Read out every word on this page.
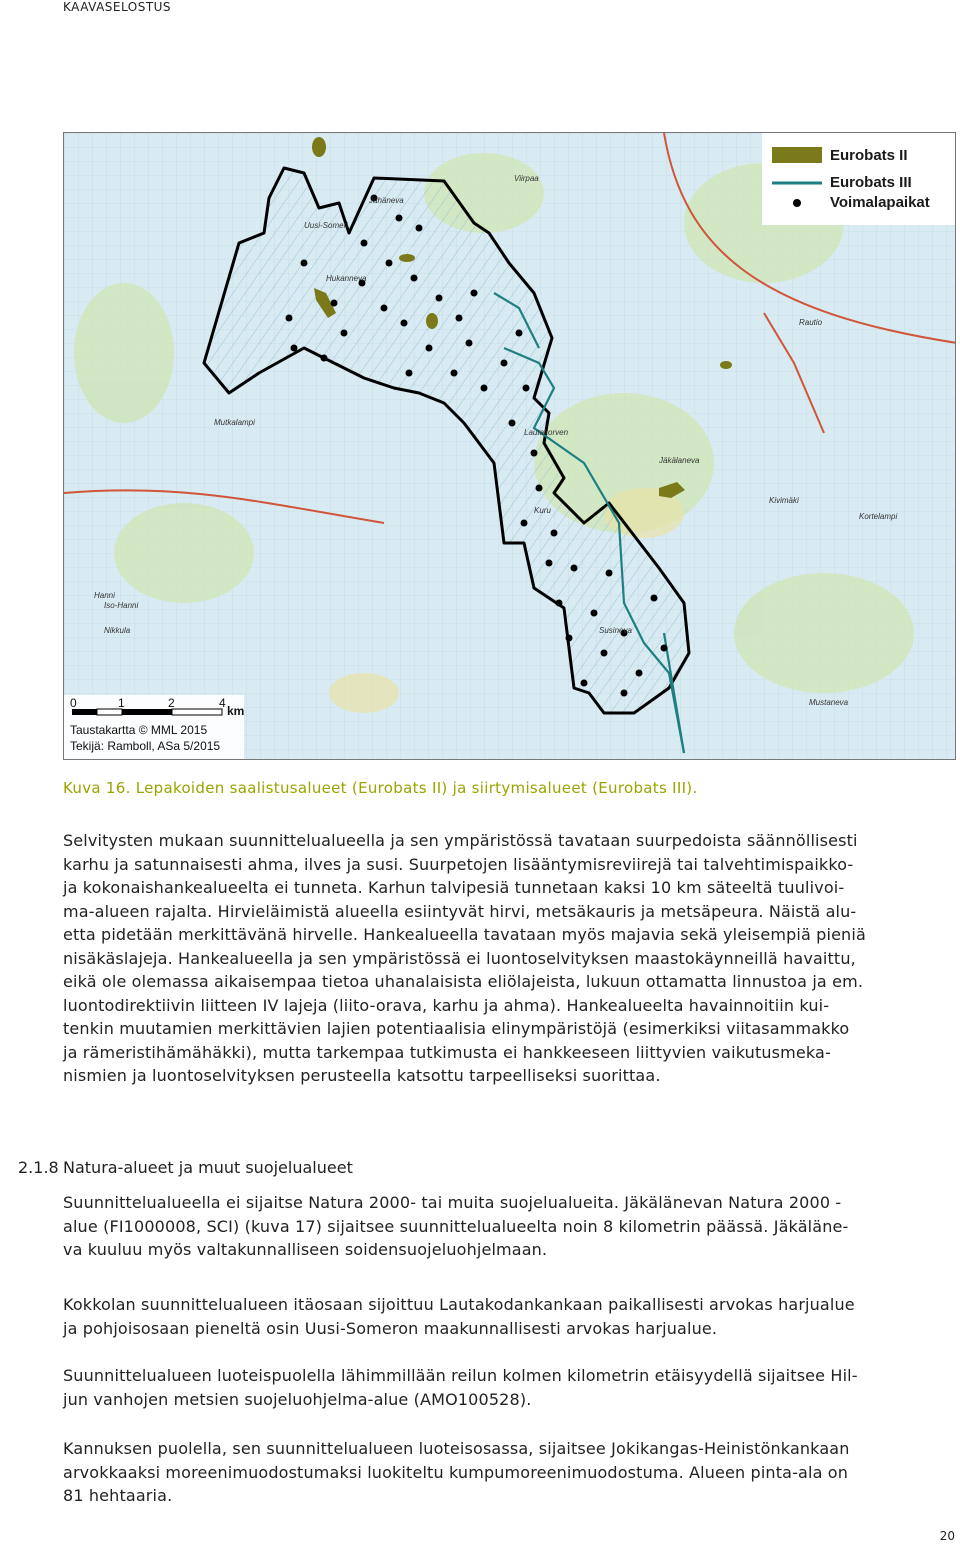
KAAVASELOSTUS
Jähäneva
Hukanneva
Mutkalampi
Hanni
Iso-Hanni
Nikkula
Jäkälaneva
Lautakorven
Rautio
Kuru
Susineva
Kivimäki
Viirpaa
Uusi-Someri
Kortelampi
Mustaneva
Eurobats II
Eurobats III
Voimalapaikat
0	1	2	4
km
Taustakartta © MML 2015
Tekijä: Ramboll, ASa 5/2015
Kuva 16. Lepakoiden saalistusalueet (Eurobats II) ja siirtymisalueet (Eurobats III).
Selvitysten mukaan suunnittelualueella ja sen ympäristössä tavataan suurpedoista säännöllisesti
karhu ja satunnaisesti ahma, ilves ja susi. Suurpetojen lisääntymisreviirejä tai talvehtimispaikko-
ja kokonaishankealueelta ei tunneta. Karhun talvipesiä tunnetaan kaksi 10 km säteeltä tuulivoi-
ma-alueen rajalta. Hirvieläimistä alueella esiintyvät hirvi, metsäkauris ja metsäpeura. Näistä alu-
etta pidetään merkittävänä hirvelle. Hankealueella tavataan myös majavia sekä yleisempiä pieniä
nisäkäslajeja. Hankealueella ja sen ympäristössä ei luontoselvityksen maastokäynneillä havaittu,
eikä ole olemassa aikaisempaa tietoa uhanalaisista eliölajeista, lukuun ottamatta linnustoa ja em.
luontodirektiivin liitteen IV lajeja (liito-orava, karhu ja ahma). Hankealueelta havainnoitiin kui-
tenkin muutamien merkittävien lajien potentiaalisia elinympäristöjä (esimerkiksi viitasammakko
ja rämeristihämähäkki), mutta tarkempaa tutkimusta ei hankkeeseen liittyvien vaikutusmeka-
nismien ja luontoselvityksen perusteella katsottu tarpeelliseksi suorittaa.
2.1.8 Natura-alueet ja muut suojelualueet
Suunnittelualueella ei sijaitse Natura 2000- tai muita suojelualueita. Jäkälänevan Natura 2000 -
alue (FI1000008, SCI) (kuva 17) sijaitsee suunnittelualueelta noin 8 kilometrin päässä. Jäkäläne-
va kuuluu myös valtakunnalliseen soidensuojeluohjelmaan.
Kokkolan suunnittelualueen itäosaan sijoittuu Lautakodankankaan paikallisesti arvokas harjualue
ja pohjoisosaan pieneltä osin Uusi-Someron maakunnallisesti arvokas harjualue.
Suunnittelualueen luoteispuolella lähimmillään reilun kolmen kilometrin etäisyydellä sijaitsee Hil-
jun vanhojen metsien suojeluohjelma-alue (AMO100528).
Kannuksen puolella, sen suunnittelualueen luoteisosassa, sijaitsee Jokikangas-Heinistönkankaan
arvokkaaksi moreenimuodostumaksi luokiteltu kumpumoreenimuodostuma. Alueen pinta-ala on
81 hehtaaria.
20
